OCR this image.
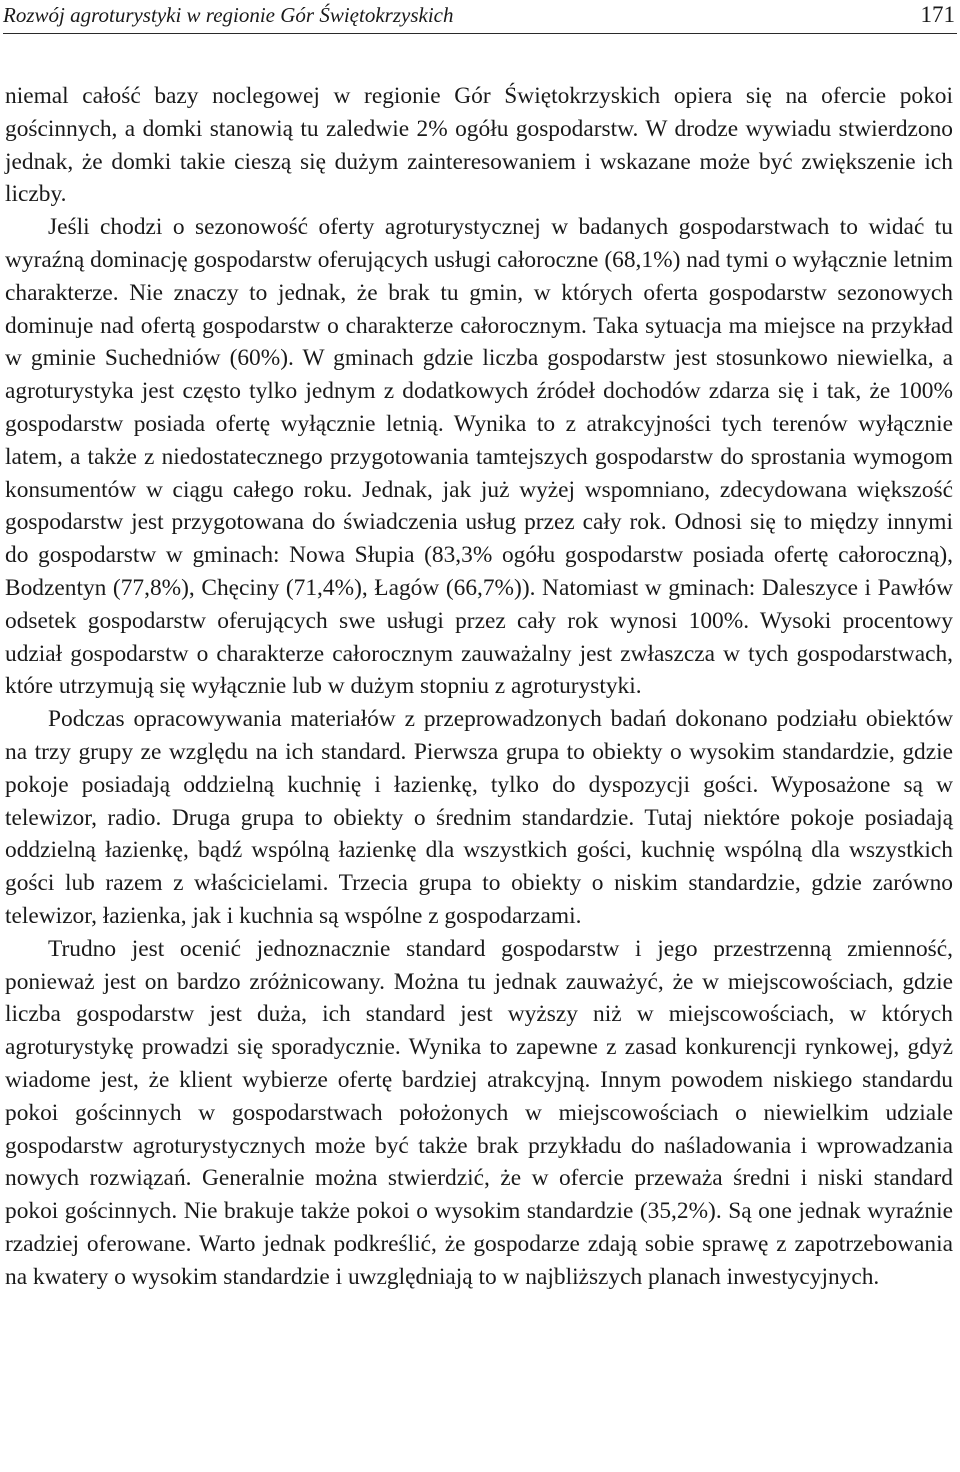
Rozwój agroturystyki w regionie Gór Świętokrzyskich	171

niemal całość bazy noclegowej w regionie Gór Świętokrzyskich opiera się na ofercie pokoi gościnnych, a domki stanowią tu zaledwie 2% ogółu gospodarstw. W drodze wywiadu stwierdzono jednak, że domki takie cieszą się dużym zainteresowaniem i wskazane może być zwiększenie ich liczby.

Jeśli chodzi o sezonowość oferty agroturystycznej w badanych gospodarstwach to widać tu wyraźną dominację gospodarstw oferujących usługi całoroczne (68,1%) nad tymi o wyłącznie letnim charakterze. Nie znaczy to jednak, że brak tu gmin, w których oferta gospodarstw sezonowych dominuje nad ofertą gospodarstw o charakterze całorocznym. Taka sytuacja ma miejsce na przykład w gminie Suchedniów (60%). W gminach gdzie liczba gospodarstw jest stosunkowo niewielka, a agroturystyka jest często tylko jednym z dodatkowych źródeł dochodów zdarza się i tak, że 100% gospodarstw posiada ofertę wyłącznie letnią. Wynika to z atrakcyjności tych terenów wyłącznie latem, a także z niedostatecznego przygotowania tamtejszych gospodarstw do sprostania wymogom konsumentów w ciągu całego roku. Jednak, jak już wyżej wspomniano, zdecydowana większość gospodarstw jest przygotowana do świadczenia usług przez cały rok. Odnosi się to między innymi do gospodarstw w gminach: Nowa Słupia (83,3% ogółu gospodarstw posiada ofertę całoroczną), Bodzentyn (77,8%), Chęciny (71,4%), Łagów (66,7%)). Natomiast w gminach: Daleszyce i Pawłów odsetek gospodarstw oferujących swe usługi przez cały rok wynosi 100%. Wysoki procentowy udział gospodarstw o charakterze całorocznym zauważalny jest zwłaszcza w tych gospodarstwach, które utrzymują się wyłącznie lub w dużym stopniu z agroturystyki.

Podczas opracowywania materiałów z przeprowadzonych badań dokonano podziału obiektów na trzy grupy ze względu na ich standard. Pierwsza grupa to obiekty o wysokim standardzie, gdzie pokoje posiadają oddzielną kuchnię i łazienkę, tylko do dyspozycji gości. Wyposażone są w telewizor, radio. Druga grupa to obiekty o średnim standardzie. Tutaj niektóre pokoje posiadają oddzielną łazienkę, bądź wspólną łazienkę dla wszystkich gości, kuchnię wspólną dla wszystkich gości lub razem z właścicielami. Trzecia grupa to obiekty o niskim standardzie, gdzie zarówno telewizor, łazienka, jak i kuchnia są wspólne z gospodarzami.

Trudno jest ocenić jednoznacznie standard gospodarstw i jego przestrzenną zmienność, ponieważ jest on bardzo zróżnicowany. Można tu jednak zauważyć, że w miejscowościach, gdzie liczba gospodarstw jest duża, ich standard jest wyższy niż w miejscowościach, w których agroturystykę prowadzi się sporadycznie. Wynika to zapewne z zasad konkurencji rynkowej, gdyż wiadome jest, że klient wybierze ofertę bardziej atrakcyjną. Innym powodem niskiego standardu pokoi gościnnych w gospodarstwach położonych w miejscowościach o niewielkim udziale gospodarstw agroturystycznych może być także brak przykładu do naśladowania i wprowadzania nowych rozwiązań. Generalnie można stwierdzić, że w ofercie przeważa średni i niski standard pokoi gościnnych. Nie brakuje także pokoi o wysokim standardzie (35,2%). Są one jednak wyraźnie rzadziej oferowane. Warto jednak podkreślić, że gospodarze zdają sobie sprawę z zapotrzebowania na kwatery o wysokim standardzie i uwzględniają to w najbliższych planach inwestycyjnych.
